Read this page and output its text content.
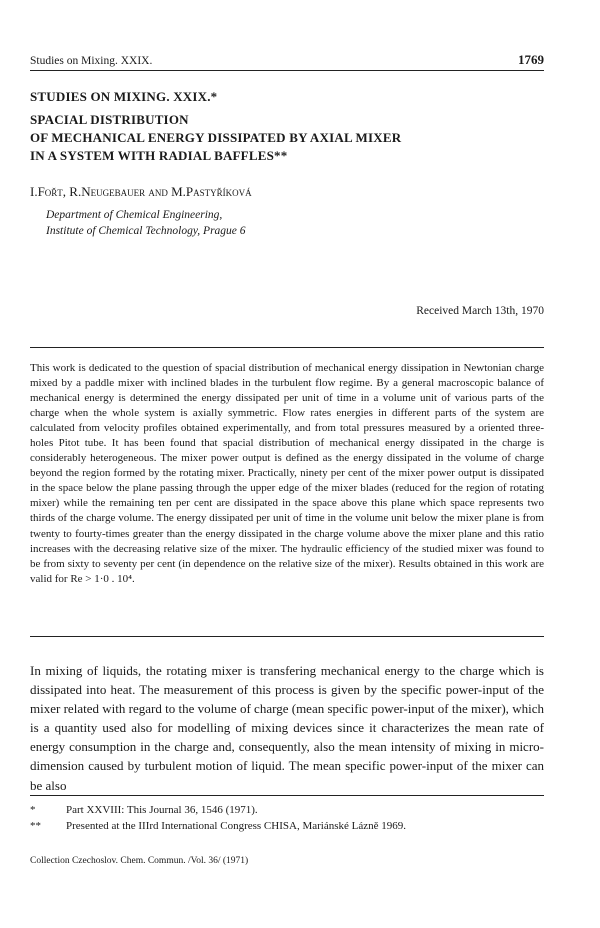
Studies on Mixing. XXIX.	1769

STUDIES ON MIXING. XXIX.*

SPACIAL DISTRIBUTION
OF MECHANICAL ENERGY DISSIPATED BY AXIAL MIXER
IN A SYSTEM WITH RADIAL BAFFLES**

I.Fořt, R.Neugebauer and M.Pastyříková
Department of Chemical Engineering,
Institute of Chemical Technology, Prague 6
Received March 13th, 1970

This work is dedicated to the question of spacial distribution of mechanical energy dissipation in Newtonian charge mixed by a paddle mixer with inclined blades in the turbulent flow regime. By a general macroscopic balance of mechanical energy is determined the energy dissipated per unit of time in a volume unit of various parts of the charge when the whole system is axially symmetric. Flow rates energies in different parts of the system are calculated from velocity profiles obtained experimentally, and from total pressures measured by a oriented three-holes Pitot tube. It has been found that spacial distribution of mechanical energy dissipated in the charge is considerably heterogeneous. The mixer power output is defined as the energy dissipated in the volume of charge beyond the region formed by the rotating mixer. Practically, ninety per cent of the mixer power output is dissipated in the space below the plane passing through the upper edge of the mixer blades (reduced for the region of rotating mixer) while the remaining ten per cent are dissipated in the space above this plane which space represents two thirds of the charge volume. The energy dissipated per unit of time in the volume unit below the mixer plane is from twenty to fourty-times greater than the energy dissipated in the charge volume above the mixer plane and this ratio increases with the decreasing relative size of the mixer. The hydraulic efficiency of the studied mixer was found to be from sixty to seventy per cent (in dependence on the relative size of the mixer). Results obtained in this work are valid for Re > 1·0 . 10⁴.

In mixing of liquids, the rotating mixer is transfering mechanical energy to the charge which is dissipated into heat. The measurement of this process is given by the specific power-input of the mixer related with regard to the volume of charge (mean specific power-input of the mixer), which is a quantity used also for modelling of mixing devices since it characterizes the mean rate of energy consumption in the charge and, consequently, also the mean intensity of mixing in micro-dimension caused by turbulent motion of liquid. The mean specific power-input of the mixer can be also

*	Part XXVIII: This Journal 36, 1546 (1971).
**	Presented at the IIIrd International Congress CHISA, Mariánské Lázně 1969.
Collection Czechoslov. Chem. Commun. /Vol. 36/ (1971)
